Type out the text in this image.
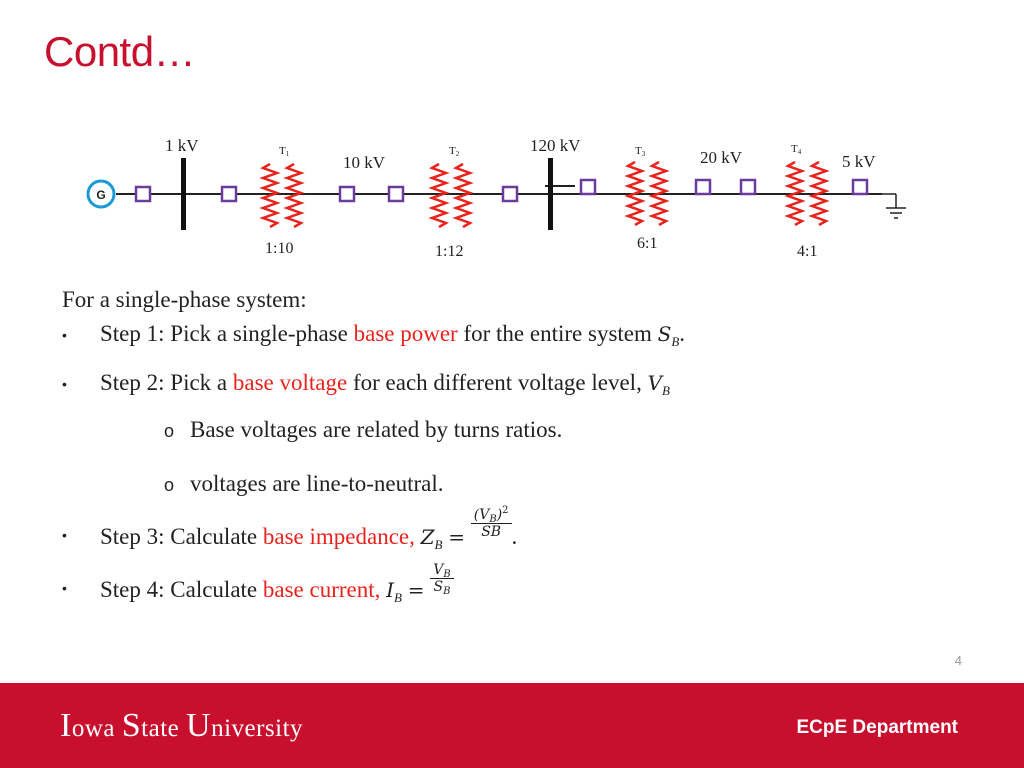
Contd…
G
1 kV
10 kV
120 kV
20 kV	5 kV
T1	T2	T3	T4
1:10	1:12	6:1	4:1
For a single-phase system:
• Step 1: Pick a single-phase base power for the entire system $S_B$.
• Step 2: Pick a base voltage for each different voltage level, $V_B$
o Base voltages are related by turns ratios.
o voltages are line-to-neutral.
• Step 3: Calculate base impedance, $Z_B = \frac{(V_B)^2}{SB}$ .
• Step 4: Calculate base current, $I_B = \frac{V_B}{S_B}$
4
Iowa State University	ECpE Department
